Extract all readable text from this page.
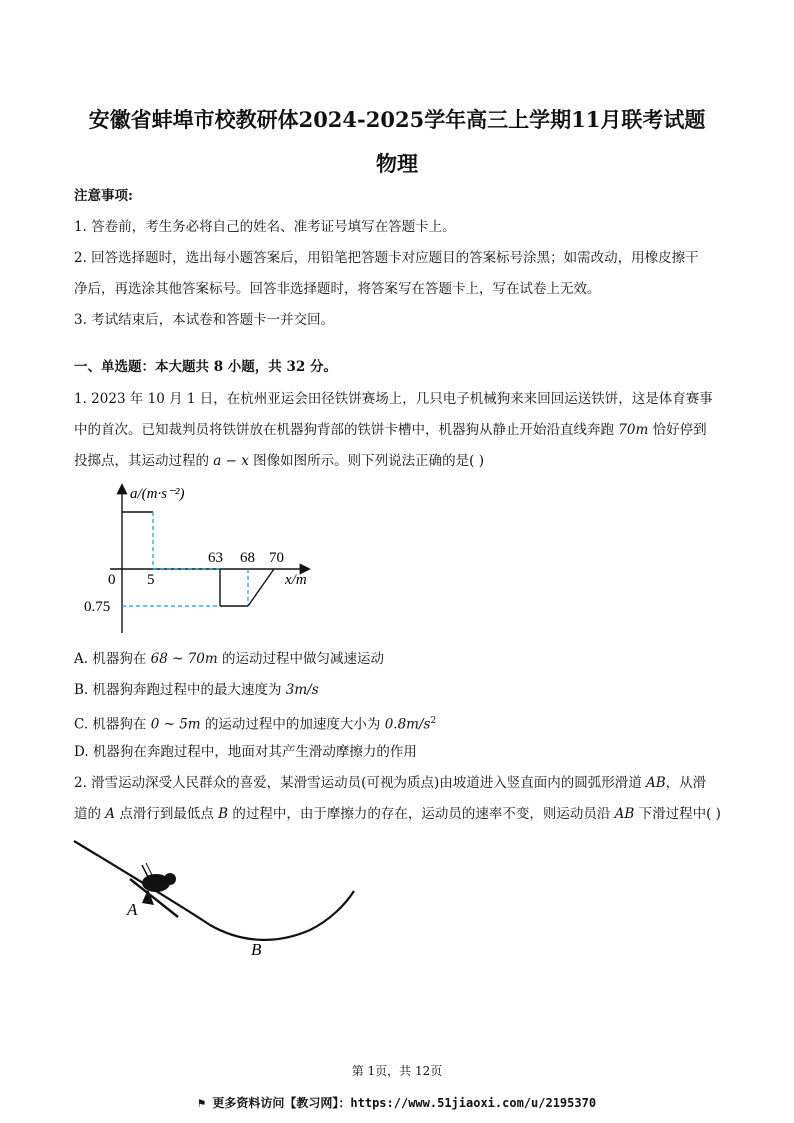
安徽省蚌埠市校教研体2024-2025学年高三上学期11月联考试题
物理
注意事项:
1. 答卷前，考生务必将自己的姓名、准考证号填写在答题卡上。
2. 回答选择题时，选出每小题答案后，用铅笔把答题卡对应题目的答案标号涂黑；如需改动，用橡皮擦干
净后，再选涂其他答案标号。回答非选择题时，将答案写在答题卡上，写在试卷上无效。
3. 考试结束后，本试卷和答题卡一并交回。
一、单选题：本大题共 8 小题，共 32 分。
1. 2023 年 10 月 1 日，在杭州亚运会田径铁饼赛场上，几只电子机械狗来来回回运送铁饼，这是体育赛事
中的首次。已知裁判员将铁饼放在机器狗背部的铁饼卡槽中，机器狗从静止开始沿直线奔跑 70m 恰好停到
投掷点，其运动过程的 a − x 图像如图所示。则下列说法正确的是( )
a/(m·s⁻²)
x/m
0 5
63 68 70
0.75
A. 机器狗在 68 ~ 70m 的运动过程中做匀减速运动
B. 机器狗奔跑过程中的最大速度为 3m/s
C. 机器狗在 0 ~ 5m 的运动过程中的加速度大小为 $0.8m/s^2$
D. 机器狗在奔跑过程中，地面对其产生滑动摩擦力的作用
2. 滑雪运动深受人民群众的喜爱，某滑雪运动员(可视为质点)由坡道进入竖直面内的圆弧形滑道 AB，从滑
道的 A 点滑行到最低点 B 的过程中，由于摩擦力的存在，运动员的速率不变，则运动员沿 AB 下滑过程中( )
A
B
第 1页，共 12页
⚑ 更多资料访问【教习网】：https://www.51jiaoxi.com/u/2195370
